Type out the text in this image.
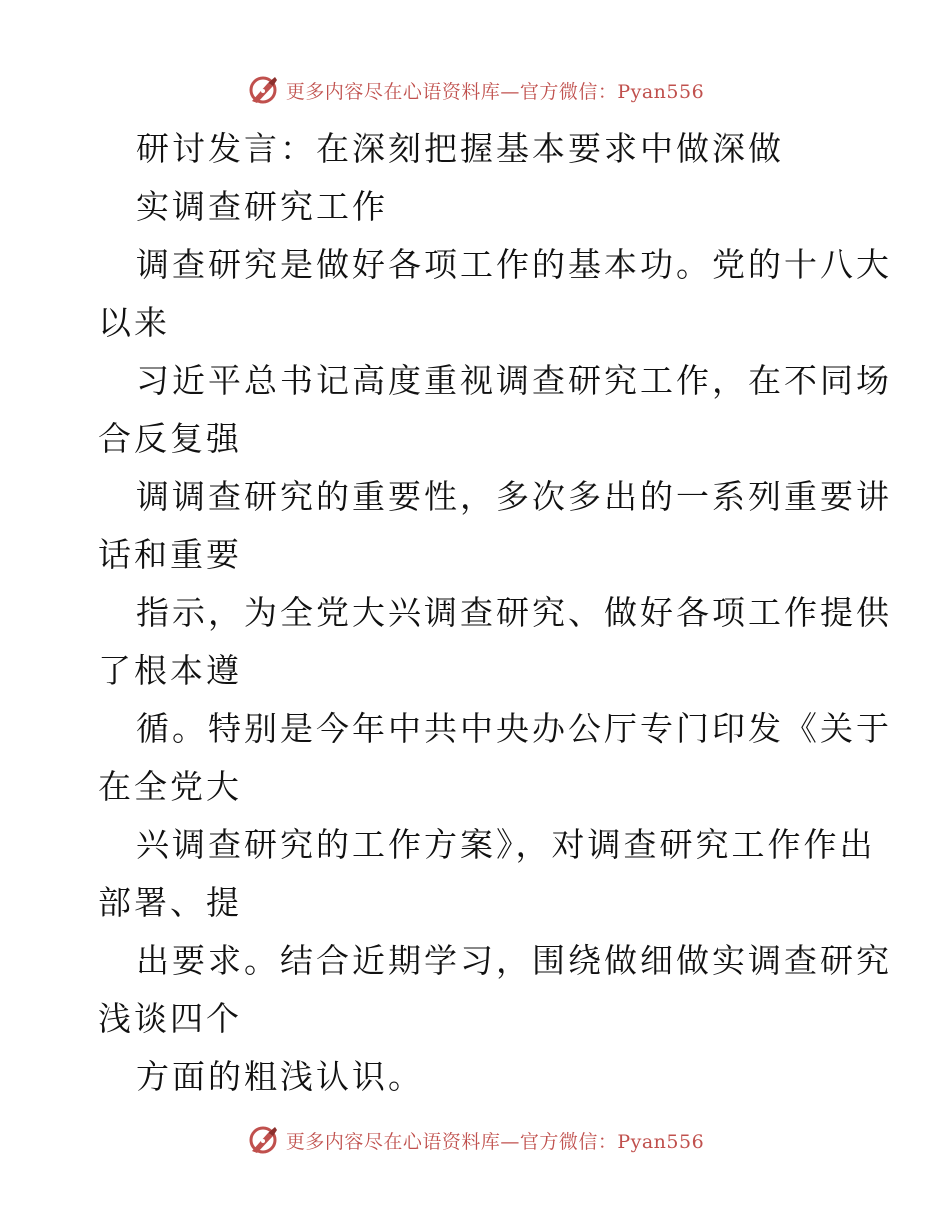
更多内容尽在心语资料库—官方微信：Pyan556
研讨发言：在深刻把握基本要求中做深做
实调查研究工作
调查研究是做好各项工作的基本功。党的十八大
以来
习近平总书记高度重视调查研究工作，在不同场
合反复强
调调查研究的重要性，多次多出的一系列重要讲
话和重要
指示，为全党大兴调查研究、做好各项工作提供
了根本遵
循。特别是今年中共中央办公厅专门印发《关于
在全党大
兴调查研究的工作方案》，对调查研究工作作出
部署、提
出要求。结合近期学习，围绕做细做实调查研究
浅谈四个
方面的粗浅认识。
更多内容尽在心语资料库—官方微信：Pyan556
